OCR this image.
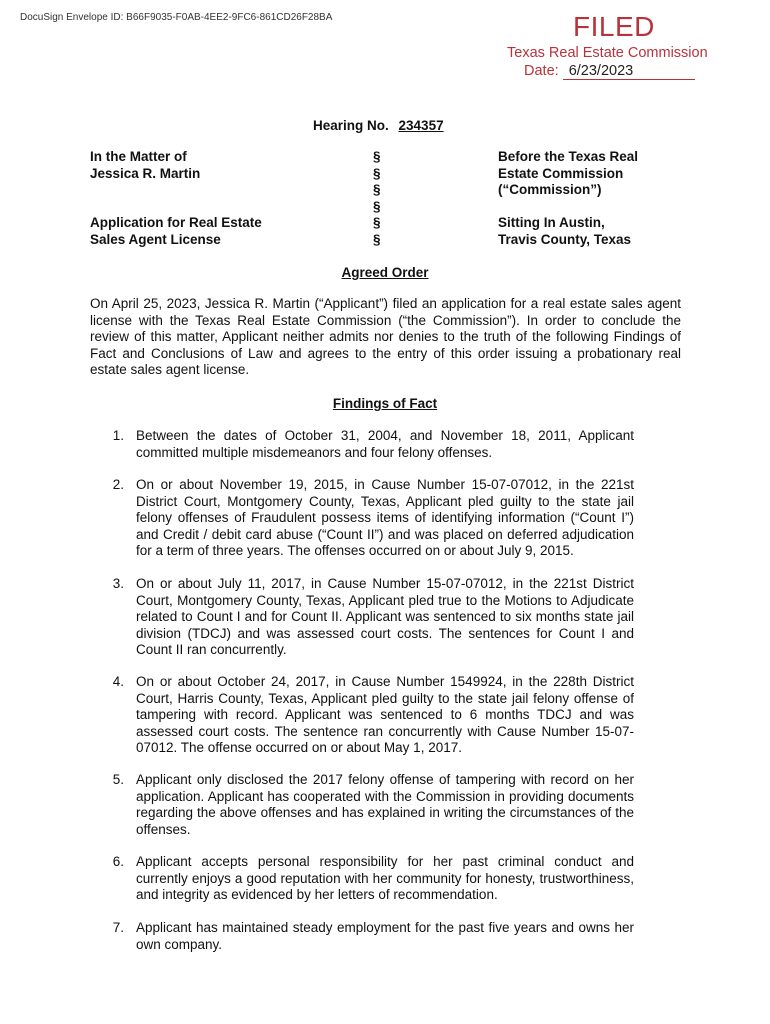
DocuSign Envelope ID: B66F9035-F0AB-4EE2-9FC6-861CD26F28BA	FILED
Texas Real Estate Commission
Date: 6/23/2023
Hearing No. 234357
In the Matter of
Jessica R. Martin
Application for Real Estate
Sales Agent License
§
§
§
§
§
§
Before the Texas Real
Estate Commission
(“Commission”)
Sitting In Austin,
Travis County, Texas
Agreed Order
On April 25, 2023, Jessica R. Martin (“Applicant”) filed an application for a real estate sales agent license with the Texas Real Estate Commission (“the Commission”). In order to conclude the review of this matter, Applicant neither admits nor denies to the truth of the following Findings of Fact and Conclusions of Law and agrees to the entry of this order issuing a probationary real estate sales agent license.
Findings of Fact
1. Between the dates of October 31, 2004, and November 18, 2011, Applicant committed multiple misdemeanors and four felony offenses.
2. On or about November 19, 2015, in Cause Number 15-07-07012, in the 221st District Court, Montgomery County, Texas, Applicant pled guilty to the state jail felony offenses of Fraudulent possess items of identifying information (“Count I”) and Credit / debit card abuse (“Count II”) and was placed on deferred adjudication for a term of three years. The offenses occurred on or about July 9, 2015.
3. On or about July 11, 2017, in Cause Number 15-07-07012, in the 221st District Court, Montgomery County, Texas, Applicant pled true to the Motions to Adjudicate related to Count I and for Count II. Applicant was sentenced to six months state jail division (TDCJ) and was assessed court costs. The sentences for Count I and Count II ran concurrently.
4. On or about October 24, 2017, in Cause Number 1549924, in the 228th District Court, Harris County, Texas, Applicant pled guilty to the state jail felony offense of tampering with record. Applicant was sentenced to 6 months TDCJ and was assessed court costs. The sentence ran concurrently with Cause Number 15-07-07012. The offense occurred on or about May 1, 2017.
5. Applicant only disclosed the 2017 felony offense of tampering with record on her application. Applicant has cooperated with the Commission in providing documents regarding the above offenses and has explained in writing the circumstances of the offenses.
6. Applicant accepts personal responsibility for her past criminal conduct and currently enjoys a good reputation with her community for honesty, trustworthiness, and integrity as evidenced by her letters of recommendation.
7. Applicant has maintained steady employment for the past five years and owns her own company.
